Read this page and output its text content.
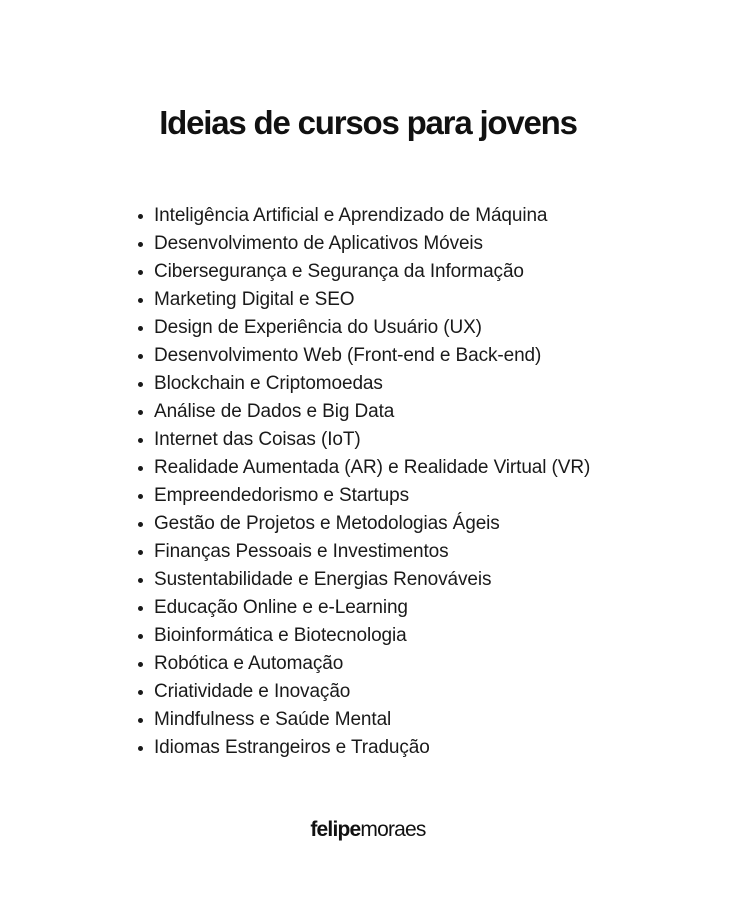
Ideias de cursos para jovens
Inteligência Artificial e Aprendizado de Máquina
Desenvolvimento de Aplicativos Móveis
Cibersegurança e Segurança da Informação
Marketing Digital e SEO
Design de Experiência do Usuário (UX)
Desenvolvimento Web (Front-end e Back-end)
Blockchain e Criptomoedas
Análise de Dados e Big Data
Internet das Coisas (IoT)
Realidade Aumentada (AR) e Realidade Virtual (VR)
Empreendedorismo e Startups
Gestão de Projetos e Metodologias Ágeis
Finanças Pessoais e Investimentos
Sustentabilidade e Energias Renováveis
Educação Online e e-Learning
Bioinformática e Biotecnologia
Robótica e Automação
Criatividade e Inovação
Mindfulness e Saúde Mental
Idiomas Estrangeiros e Tradução
felipemoraes
